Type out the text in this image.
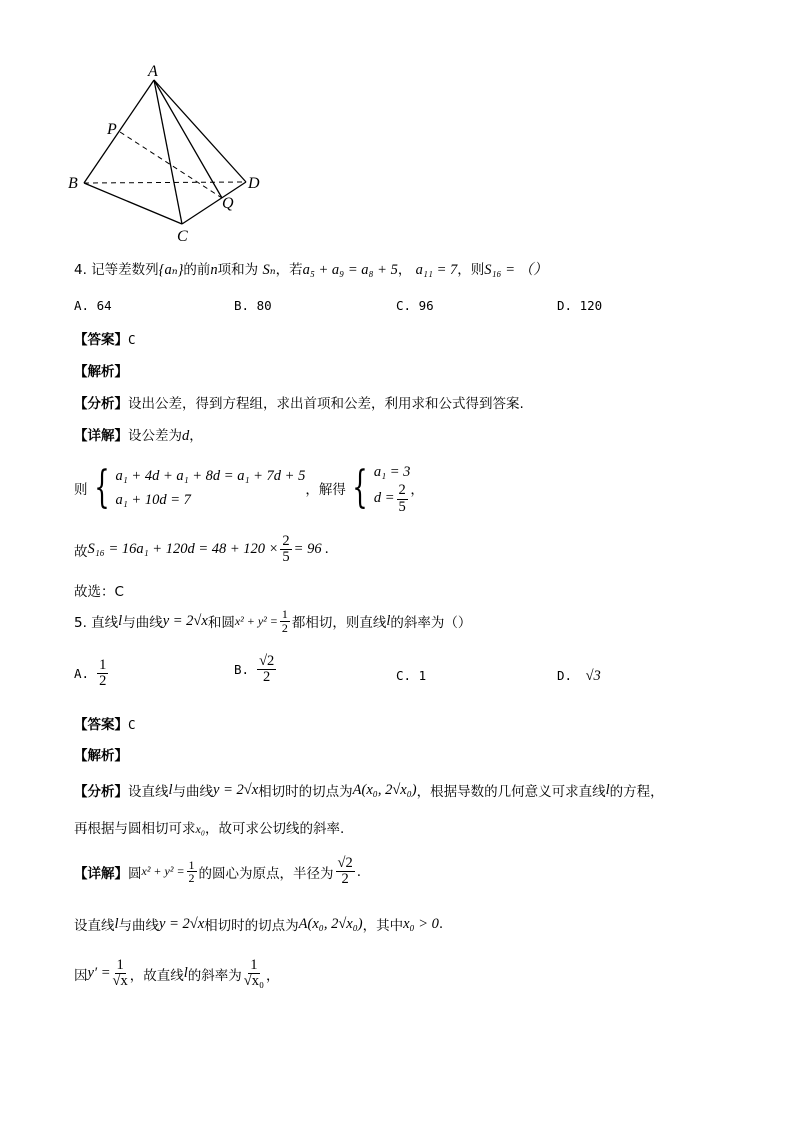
A
P
B	D
Q
C
4. 记等差数列{aₙ}的前n项和为 Sₙ，若a₅ + a₉ = a₈ + 5， a₁₁ = 7，则S₁₆ = （）
A. 64	B. 80	C. 96	D. 120
【答案】C
【解析】
【分析】设出公差，得到方程组，求出首项和公差，利用求和公式得到答案.
【详解】设公差为d，
则 { a₁ + 4d + a₁ + 8d = a₁ + 7d + 5
a₁ + 10d = 7
，解得 { a₁ = 3
$d = \frac{2}{5}$ ，
故 $S_{16} = 16a_1 + 120d = 48 + 120 \times \frac{2}{5} = 96$ .
故选：C
5. 直线 l 与曲线 y = 2√x 和圆 $x^2 + y^2 = \frac{1}{2}$ 都相切，则直线 l 的斜率为（）
A. $\frac{1}{2}$	B. $\frac{√2}{2}$	C. 1	D. √3
【答案】C
【解析】
【分析】 设直线 l 与曲线 y = 2√x 相切时的切点为 A(x₀, 2√x₀) ，根据导数的几何意义可求直线 l 的方程，
再根据与圆相切可求x₀，故可求公切线的斜率.
【详解】 圆 $x^2 + y^2 = \frac{1}{2}$ 的圆心为原点，半径为 $\frac{√2}{2}$ .
设直线 l 与曲线 y = 2√x 相切时的切点为 A(x₀, 2√x₀) ，其中 x₀ > 0 .
因 $y' = \frac{1}{√x}$ ，故直线 l 的斜率为 $\frac{1}{\text{√x₀}}$ ，
